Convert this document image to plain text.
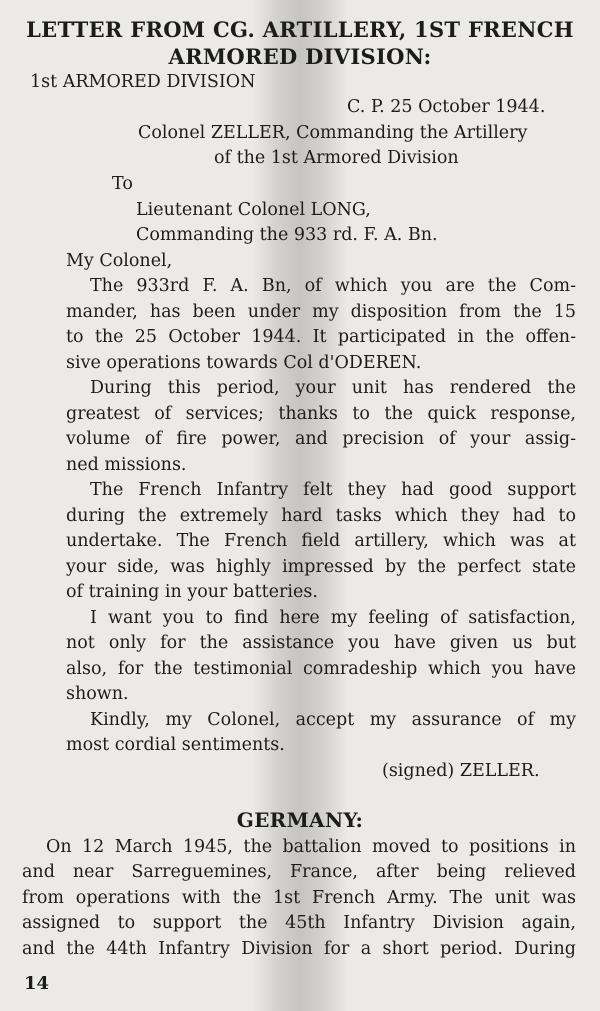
LETTER FROM CG. ARTILLERY, 1ST FRENCH
ARMORED DIVISION:
1st ARMORED DIVISION
C. P. 25 October 1944.
Colonel ZELLER, Commanding the Artillery
of the 1st Armored Division
To
Lieutenant Colonel LONG,
Commanding the 933 rd. F. A. Bn.
My Colonel,
The 933rd F. A. Bn, of which you are the Com-
mander, has been under my disposition from the 15
to the 25 October 1944. It participated in the offen-
sive operations towards Col d'ODEREN.
During this period, your unit has rendered the
greatest of services; thanks to the quick response,
volume of fire power, and precision of your assig-
ned missions.
The French Infantry felt they had good support
during the extremely hard tasks which they had to
undertake. The French field artillery, which was at
your side, was highly impressed by the perfect state
of training in your batteries.
I want you to find here my feeling of satisfaction,
not only for the assistance you have given us but
also, for the testimonial comradeship which you have
shown.
Kindly, my Colonel, accept my assurance of my
most cordial sentiments.
(signed) ZELLER.
GERMANY:
On 12 March 1945, the battalion moved to positions in
and near Sarreguemines, France, after being relieved
from operations with the 1st French Army. The unit was
assigned to support the 45th Infantry Division again,
and the 44th Infantry Division for a short period. During
14
